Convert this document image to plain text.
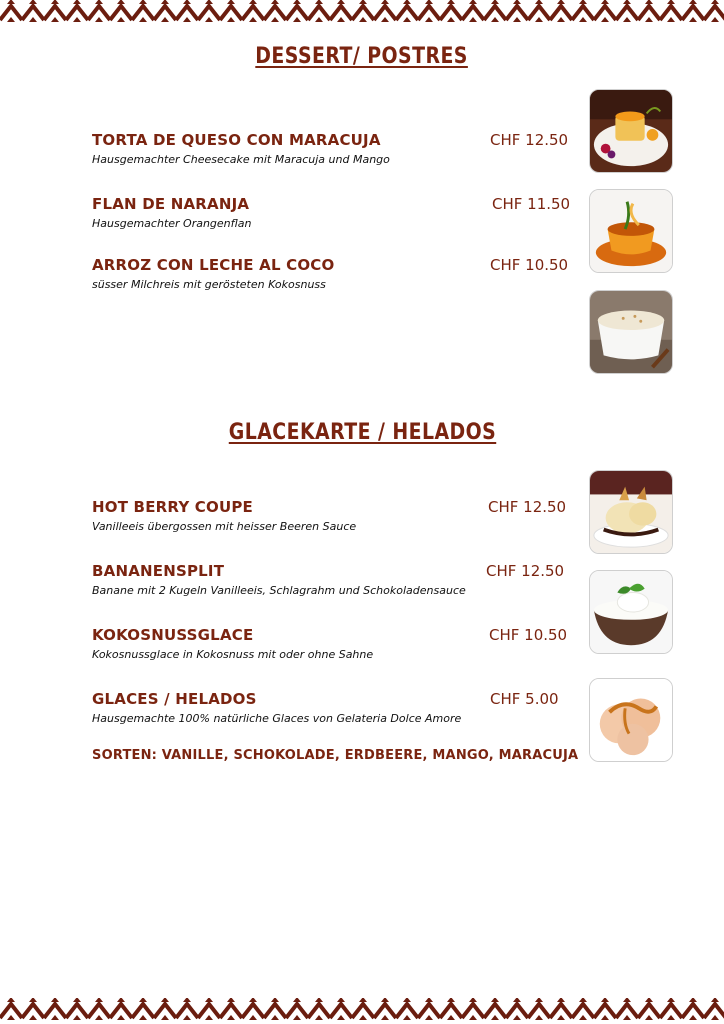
DESSERT/ POSTRES
TORTA DE QUESO CON MARACUJA	CHF 12.50
Hausgemachter Cheesecake mit Maracuja und Mango
FLAN DE NARANJA	CHF 11.50
Hausgemachter Orangenflan
ARROZ CON LECHE AL COCO	CHF 10.50
süsser Milchreis mit gerösteten Kokosnuss
GLACEKARTE / HELADOS
HOT BERRY COUPE	CHF 12.50
Vanilleeis übergossen mit heisser Beeren Sauce
BANANENSPLIT	CHF 12.50
Banane mit 2 Kugeln Vanilleeis, Schlagrahm und Schokoladensauce
KOKOSNUSSGLACE	CHF 10.50
Kokosnussglace in Kokosnuss mit oder ohne Sahne
GLACES / HELADOS	CHF 5.00
Hausgemachte 100% natürliche Glaces von Gelateria Dolce Amore
SORTEN: VANILLE, SCHOKOLADE, ERDBEERE, MANGO, MARACUJA
